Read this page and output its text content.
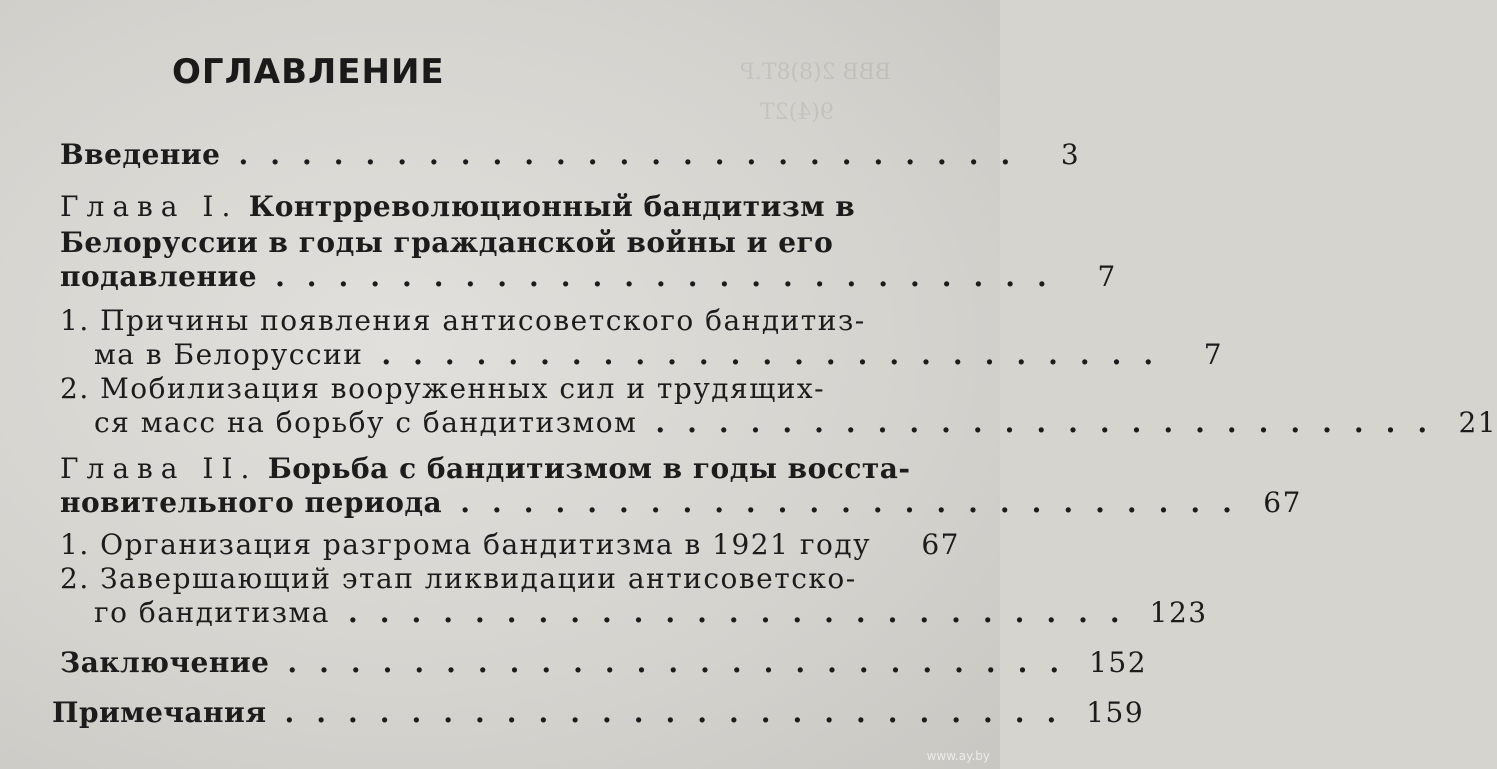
ВВВ 2(8)8Т.Р
9(4)2Т
ОГЛАВЛЕНИЕ
Введение .........................	3
Глава I. Контрреволюционный бандитизм в
Белоруссии в годы гражданской войны и его
подавление .........................	7
1. Причины появления антисоветского бандитиз-
ма в Белоруссии .........................	7
2. Мобилизация вооруженных сил и трудящих-
ся масс на борьбу с бандитизмом ......................... 21
Глава II. Борьба с бандитизмом в годы восста-
новительного периода ......................... 67
1. Организация разгрома бандитизма в 1921 году	67
2. Завершающий этап ликвидации антисоветско-
го бандитизма ......................... 123
Заключение ......................... 152
Примечания ......................... 159
www.ay.by
